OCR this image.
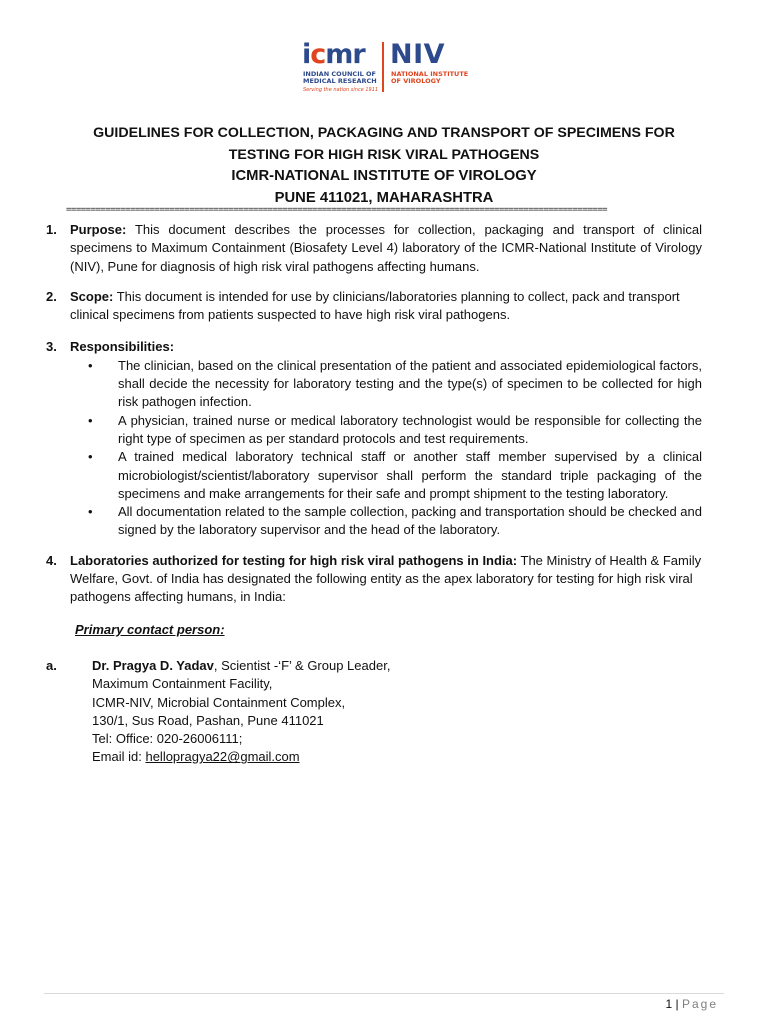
icmr
INDIAN COUNCIL OF
MEDICAL RESEARCH
Serving the nation since 1911
NIV
NATIONAL INSTITUTE
OF VIROLOGY
GUIDELINES FOR COLLECTION, PACKAGING AND TRANSPORT OF SPECIMENS FOR
TESTING FOR HIGH RISK VIRAL PATHOGENS
ICMR-NATIONAL INSTITUTE OF VIROLOGY
PUNE 411021, MAHARASHTRA
==============================================================================================================
1.	Purpose: This document describes the processes for collection, packaging and transport of clinical specimens to Maximum Containment (Biosafety Level 4) laboratory of the ICMR-National Institute of Virology (NIV), Pune for diagnosis of high risk viral pathogens affecting humans.
2.	Scope: This document is intended for use by clinicians/laboratories planning to collect, pack and transport clinical specimens from patients suspected to have high risk viral pathogens.
3.	Responsibilities:
• The clinician, based on the clinical presentation of the patient and associated epidemiological factors, shall decide the necessity for laboratory testing and the type(s) of specimen to be collected for high risk pathogen infection.
• A physician, trained nurse or medical laboratory technologist would be responsible for collecting the right type of specimen as per standard protocols and test requirements.
• A trained medical laboratory technical staff or another staff member supervised by a clinical microbiologist/scientist/laboratory supervisor shall perform the standard triple packaging of the specimens and make arrangements for their safe and prompt shipment to the testing laboratory.
• All documentation related to the sample collection, packing and transportation should be checked and signed by the laboratory supervisor and the head of the laboratory.
4.	Laboratories authorized for testing for high risk viral pathogens in India: The Ministry of Health & Family Welfare, Govt. of India has designated the following entity as the apex laboratory for testing for high risk viral pathogens affecting humans, in India:
Primary contact person:
a.	Dr. Pragya D. Yadav, Scientist -‘F’ & Group Leader,
Maximum Containment Facility,
ICMR-NIV, Microbial Containment Complex,
130/1, Sus Road, Pashan, Pune 411021
Tel: Office: 020-26006111;
Email id: hellopragya22@gmail.com
1 | Page
